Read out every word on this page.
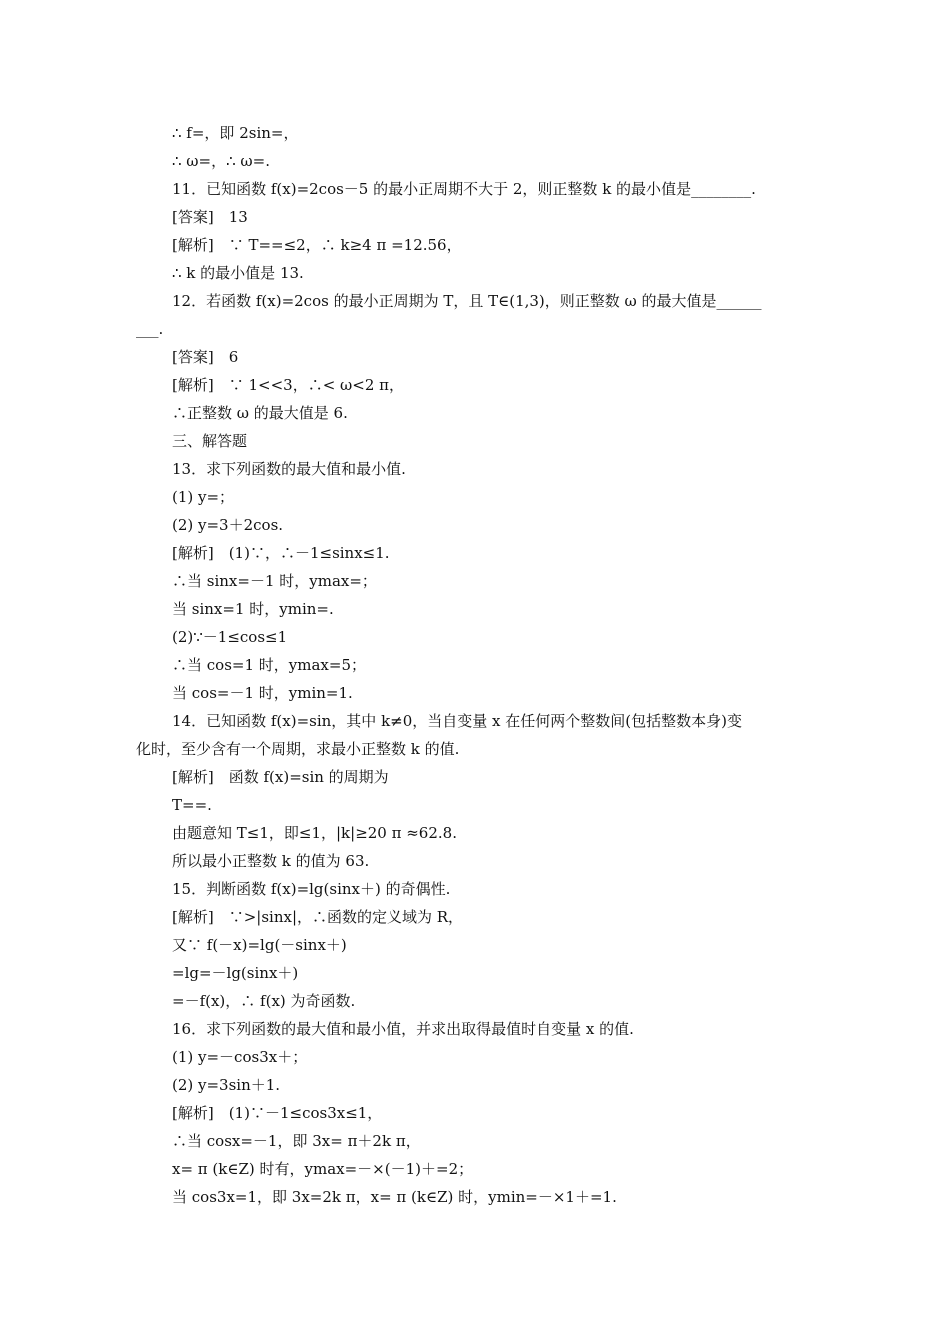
∴ f=，即 2sin=，
∴ ω=，∴ ω=.
11．已知函数 f(x)=2cos－5 的最小正周期不大于 2，则正整数 k 的最小值是________.
[答案]　13
[解析]　∵ T==≤2，∴ k≥4 π =12.56，
∴ k 的最小值是 13.
12．若函数 f(x)=2cos 的最小正周期为 T，且 T∈(1,3)，则正整数 ω 的最大值是______
___.
[答案]　6
[解析]　∵ 1<<3，∴< ω<2 π，
∴正整数 ω 的最大值是 6.
三、解答题
13．求下列函数的最大值和最小值.
(1) y=；
(2) y=3＋2cos.
[解析]　(1)∵，∴－1≤sinx≤1.
∴当 sinx=－1 时，ymax=；
当 sinx=1 时，ymin=.
(2)∵－1≤cos≤1
∴当 cos=1 时，ymax=5；
当 cos=－1 时，ymin=1.
14．已知函数 f(x)=sin，其中 k≠0，当自变量 x 在任何两个整数间(包括整数本身)变
化时，至少含有一个周期，求最小正整数 k 的值.
[解析]　函数 f(x)=sin 的周期为
T==.
由题意知 T≤1，即≤1，|k|≥20 π ≈62.8.
所以最小正整数 k 的值为 63.
15．判断函数 f(x)=lg(sinx＋) 的奇偶性.
[解析]　∵>|sinx|，∴函数的定义域为 R，
又∵ f(－x)=lg(－sinx＋)
=lg=－lg(sinx＋)
=－f(x)，∴ f(x) 为奇函数.
16．求下列函数的最大值和最小值，并求出取得最值时自变量 x 的值.
(1) y=－cos3x＋；
(2) y=3sin＋1.
[解析]　(1)∵－1≤cos3x≤1，
∴当 cosx=－1，即 3x= π＋2k π，
x= π (k∈Z) 时有，ymax=－×(－1)＋=2；
当 cos3x=1，即 3x=2k π，x= π (k∈Z) 时，ymin=－×1＋=1.
